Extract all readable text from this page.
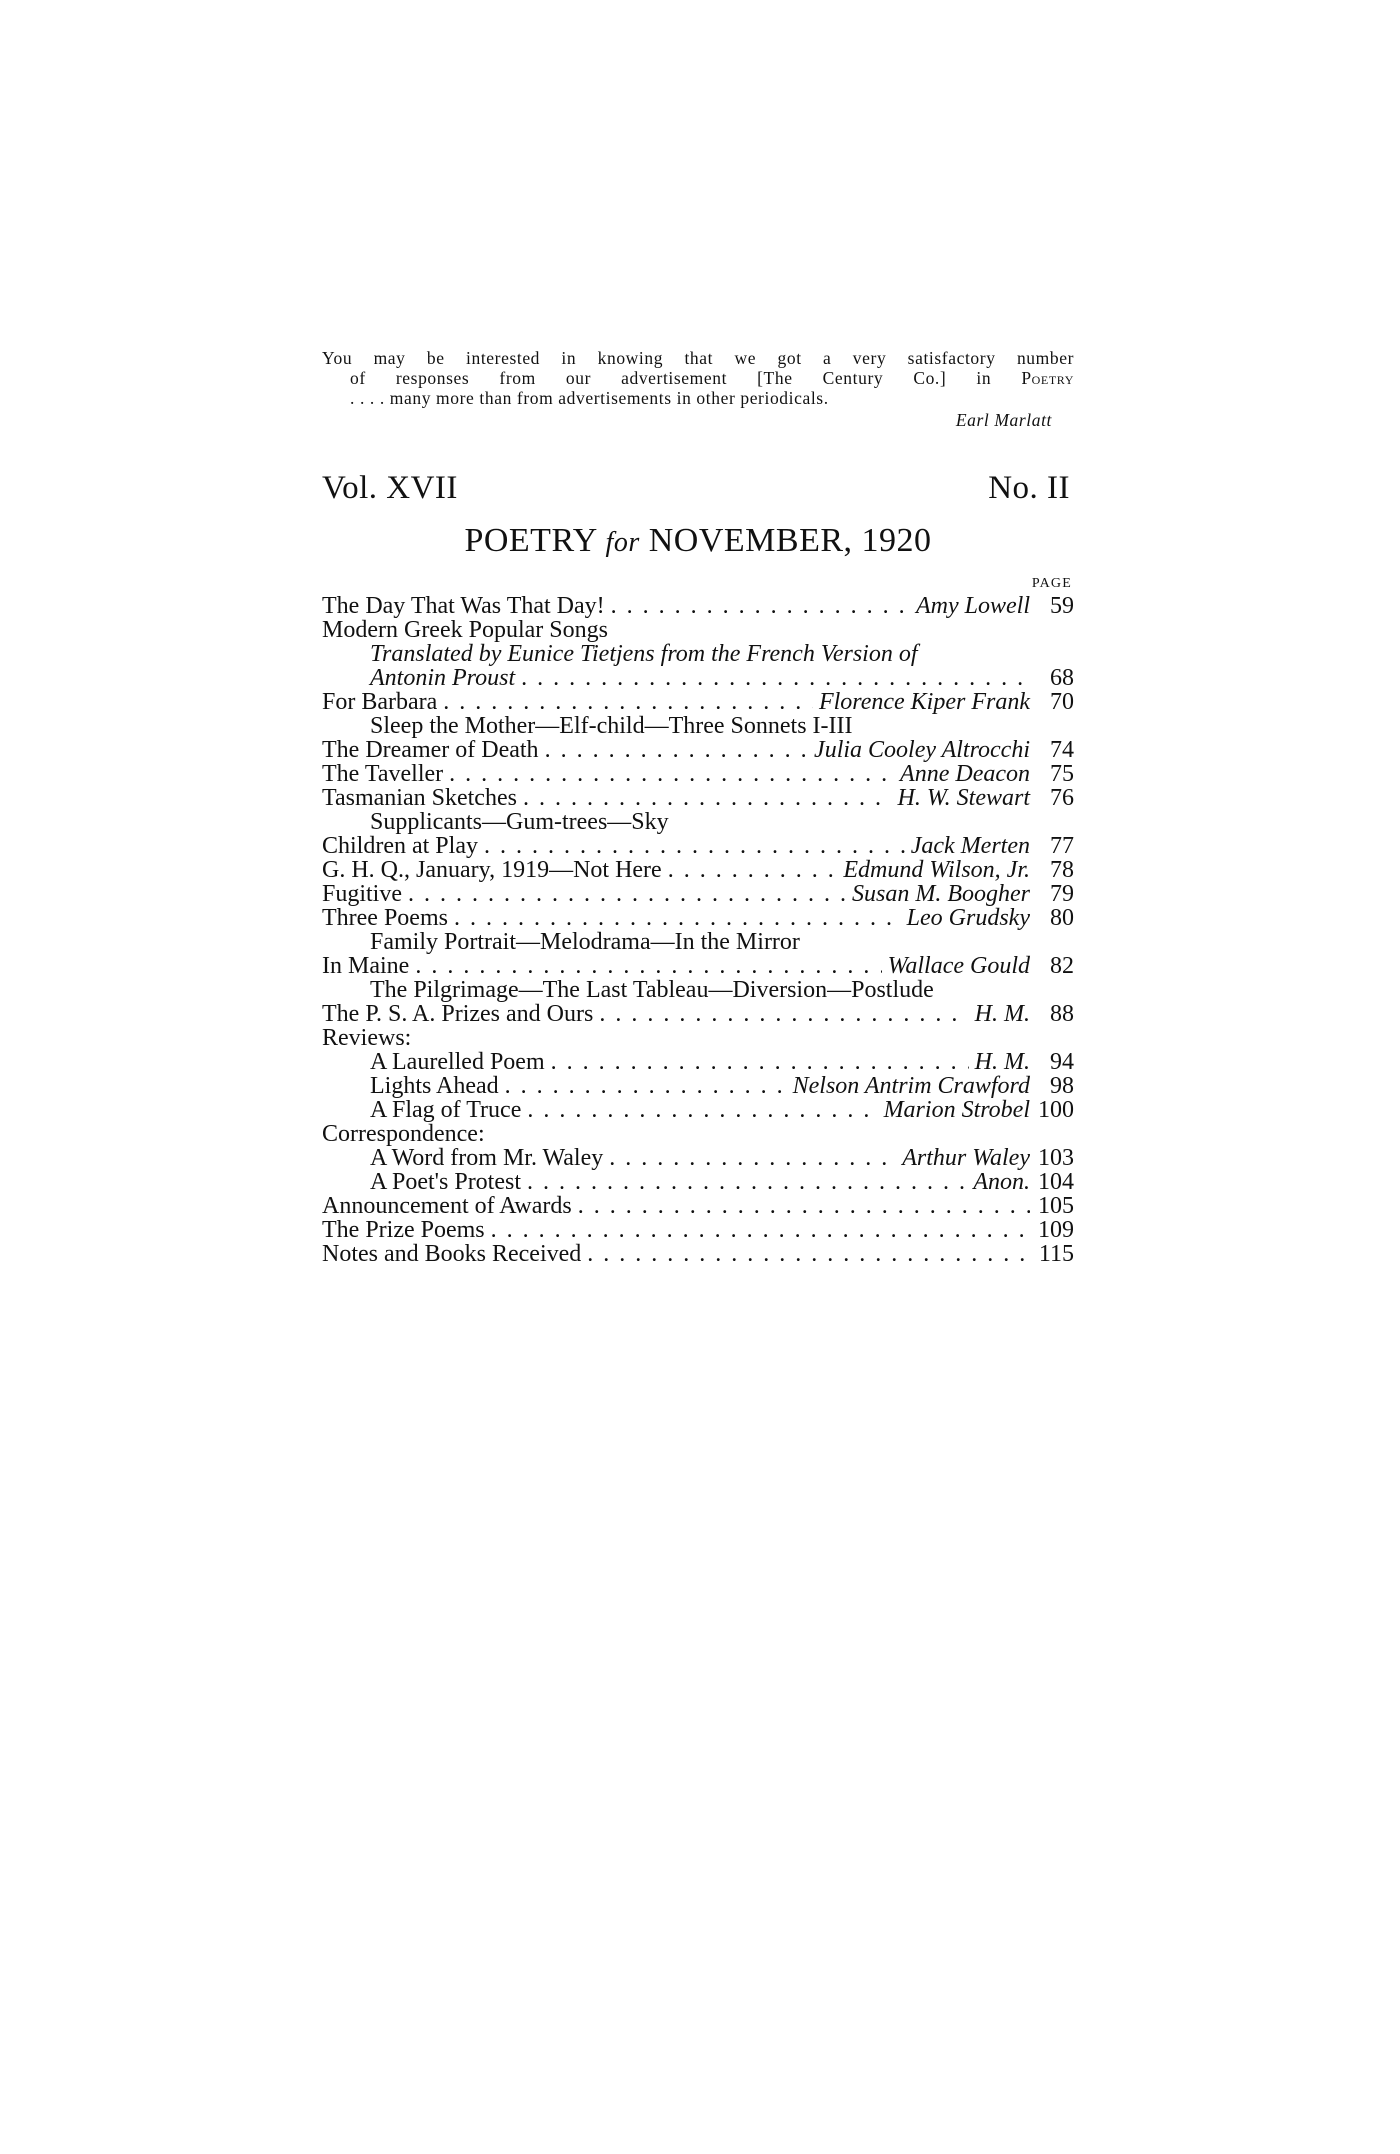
You may be interested in knowing that we got a very satisfactory number
of responses from our advertisement [The Century Co.] in Poetry
. . . . many more than from advertisements in other periodicals.
Earl Marlatt
Vol. XVII	No. II
POETRY for NOVEMBER, 1920
PAGE
The Day That Was That Day! . . .	Amy Lowell 59
Modern Greek Popular Songs
Translated by Eunice Tietjens from the French Version of
Antonin Proust . . .	68
For Barbara . . .	Florence Kiper Frank 70
Sleep the Mother—Elf-child—Three Sonnets I-III
The Dreamer of Death . . .	Julia Cooley Altrocchi 74
The Taveller . . .	Anne Deacon 75
Tasmanian Sketches . . .	H. W. Stewart 76
Supplicants—Gum-trees—Sky
Children at Play . . .	Jack Merten 77
G. H. Q., January, 1919—Not Here . . .	Edmund Wilson, Jr. 78
Fugitive . . .	Susan M. Boogher 79
Three Poems . . .	Leo Grudsky 80
Family Portrait—Melodrama—In the Mirror
In Maine . . .	Wallace Gould 82
The Pilgrimage—The Last Tableau—Diversion—Postlude
The P. S. A. Prizes and Ours . . .	H. M. 88
Reviews:
A Laurelled Poem . . .	H. M. 94
Lights Ahead . . .	Nelson Antrim Crawford 98
A Flag of Truce . . .	Marion Strobel 100
Correspondence:
A Word from Mr. Waley . . .	Arthur Waley 103
A Poet's Protest . . .	Anon. 104
Announcement of Awards . . .	105
The Prize Poems . . .	109
Notes and Books Received . . .	115
